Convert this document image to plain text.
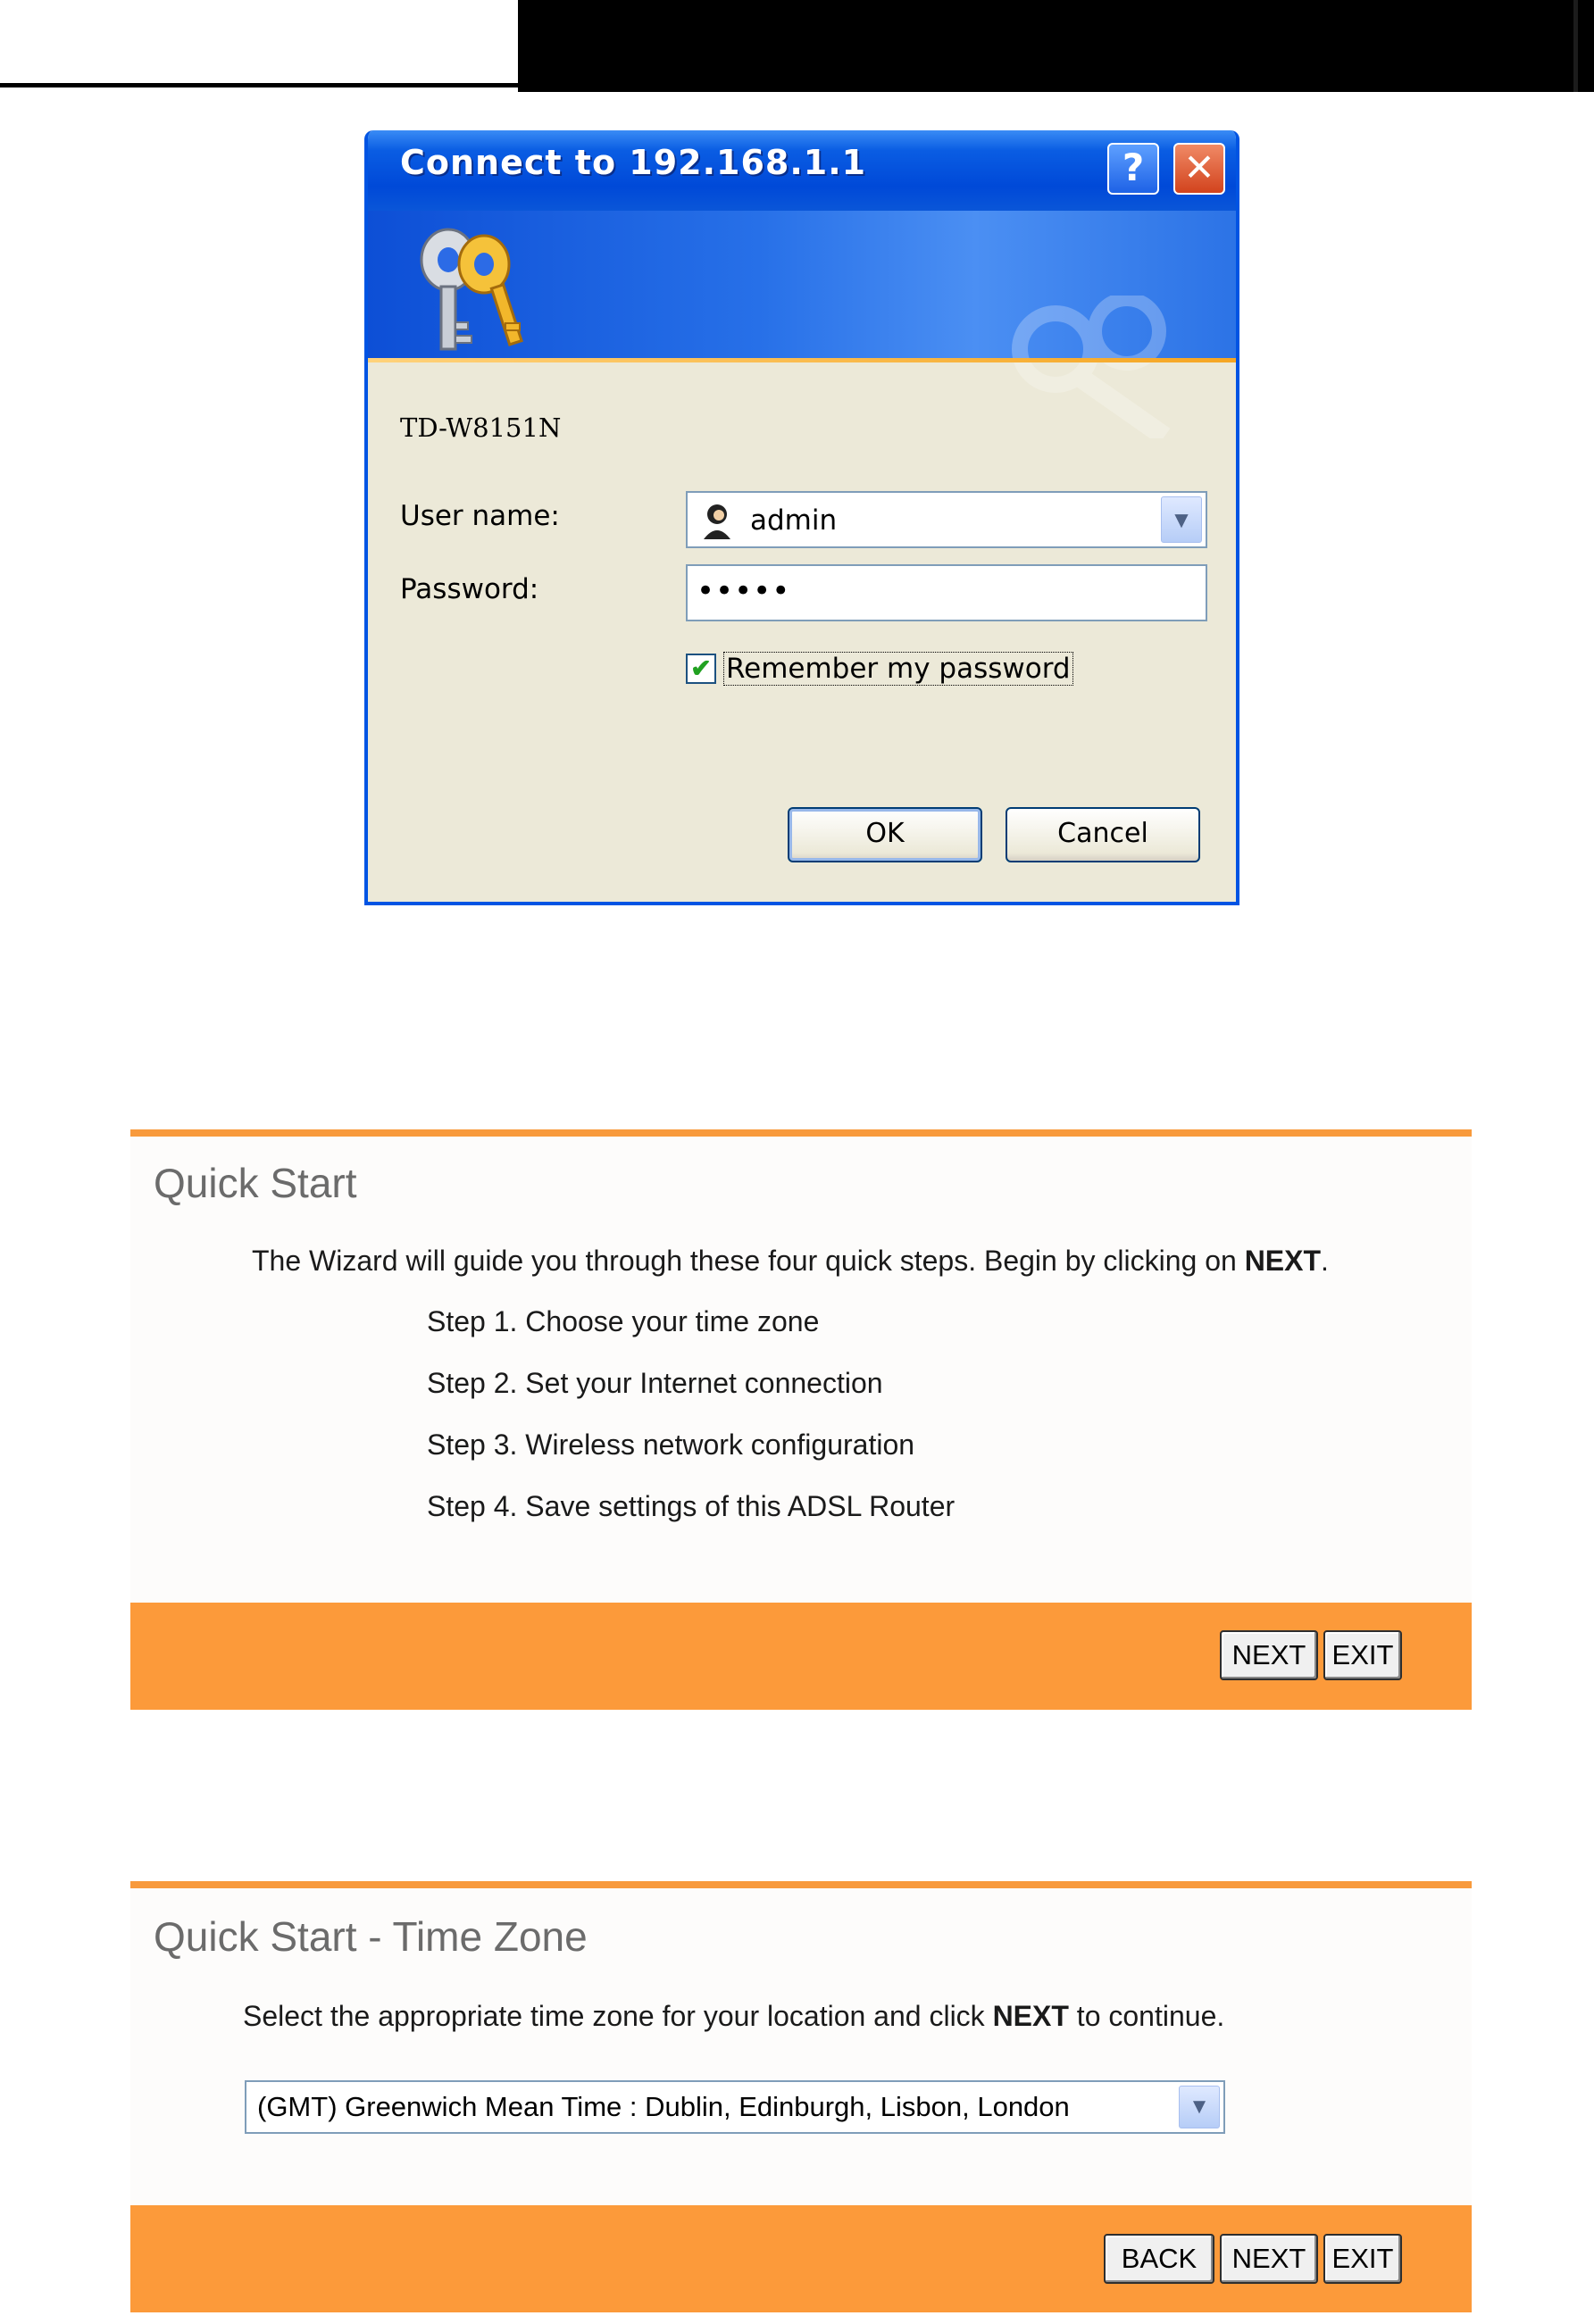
Connect to 192.168.1.1	?	✕
TD-W8151N
User name:	admin	▼
Password:	•••••
✔ Remember my password
OK	Cancel
Quick Start
The Wizard will guide you through these four quick steps. Begin by clicking on NEXT.
Step 1. Choose your time zone
Step 2. Set your Internet connection
Step 3. Wireless network configuration
Step 4. Save settings of this ADSL Router
NEXT EXIT
Quick Start - Time Zone
Select the appropriate time zone for your location and click NEXT to continue.
(GMT) Greenwich Mean Time : Dublin, Edinburgh, Lisbon, London	▼
BACK	NEXT EXIT
